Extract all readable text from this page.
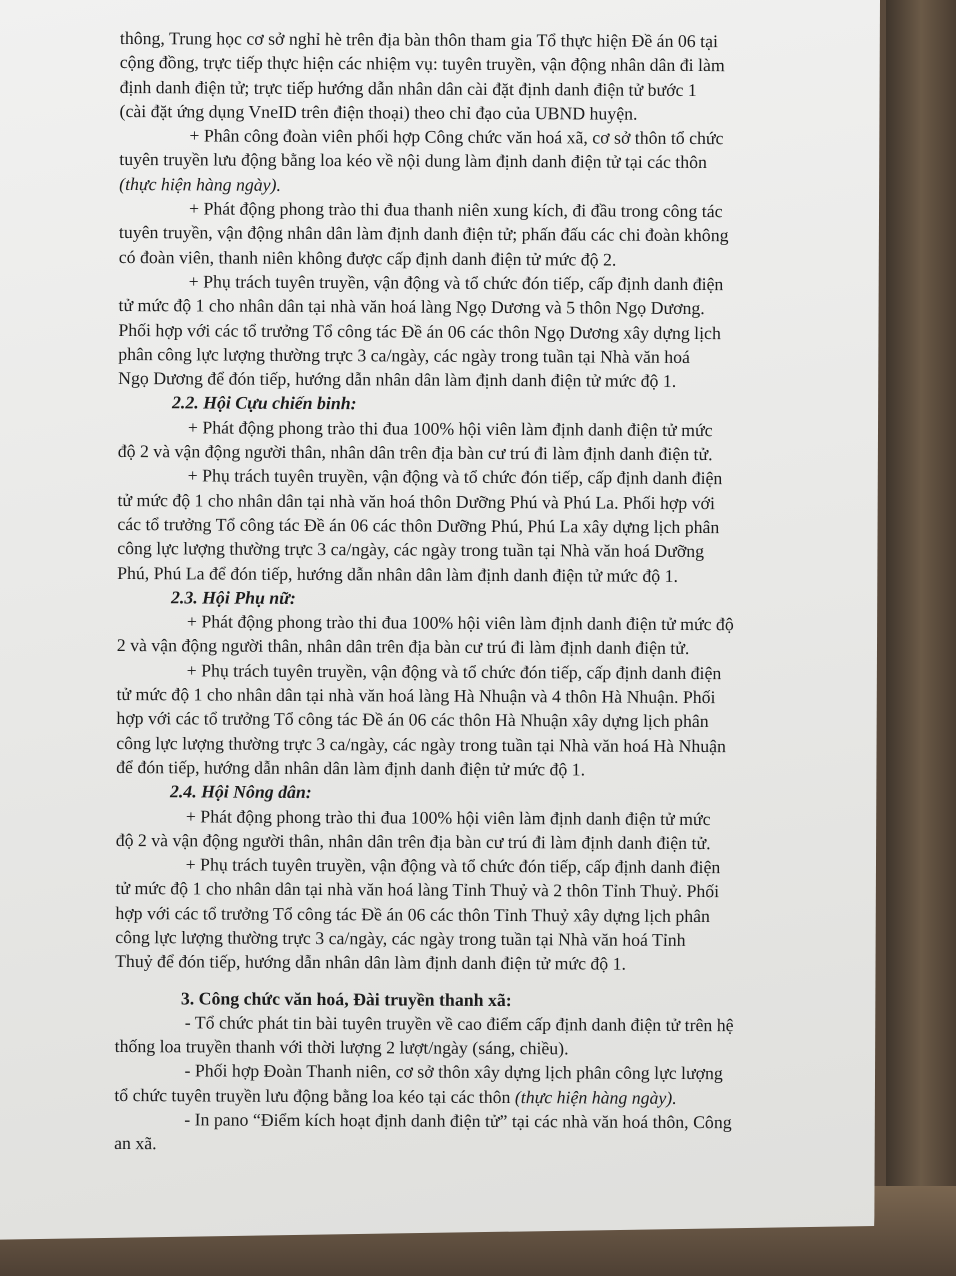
thông, Trung học cơ sở nghỉ hè trên địa bàn thôn tham gia Tổ thực hiện Đề án 06 tại
cộng đồng, trực tiếp thực hiện các nhiệm vụ: tuyên truyền, vận động nhân dân đi làm
định danh điện tử; trực tiếp hướng dẫn nhân dân cài đặt định danh điện tử bước 1
(cài đặt ứng dụng VneID trên điện thoại) theo chỉ đạo của UBND huyện.

+ Phân công đoàn viên phối hợp Công chức văn hoá xã, cơ sở thôn tổ chức
tuyên truyền lưu động bằng loa kéo về nội dung làm định danh điện tử tại các thôn
(thực hiện hàng ngày).

+ Phát động phong trào thi đua thanh niên xung kích, đi đầu trong công tác
tuyên truyền, vận động nhân dân làm định danh điện tử; phấn đấu các chi đoàn không
có đoàn viên, thanh niên không được cấp định danh điện tử mức độ 2.

+ Phụ trách tuyên truyền, vận động và tổ chức đón tiếp, cấp định danh điện
tử mức độ 1 cho nhân dân tại nhà văn hoá làng Ngọ Dương và 5 thôn Ngọ Dương.
Phối hợp với các tổ trưởng Tổ công tác Đề án 06 các thôn Ngọ Dương xây dựng lịch
phân công lực lượng thường trực 3 ca/ngày, các ngày trong tuần tại Nhà văn hoá
Ngọ Dương để đón tiếp, hướng dẫn nhân dân làm định danh điện tử mức độ 1.

2.2. Hội Cựu chiến binh:

+ Phát động phong trào thi đua 100% hội viên làm định danh điện tử mức
độ 2 và vận động người thân, nhân dân trên địa bàn cư trú đi làm định danh điện tử.

+ Phụ trách tuyên truyền, vận động và tổ chức đón tiếp, cấp định danh điện
tử mức độ 1 cho nhân dân tại nhà văn hoá thôn Dưỡng Phú và Phú La. Phối hợp với
các tổ trưởng Tổ công tác Đề án 06 các thôn Dưỡng Phú, Phú La xây dựng lịch phân
công lực lượng thường trực 3 ca/ngày, các ngày trong tuần tại Nhà văn hoá Dưỡng
Phú, Phú La để đón tiếp, hướng dẫn nhân dân làm định danh điện tử mức độ 1.

2.3. Hội Phụ nữ:

+ Phát động phong trào thi đua 100% hội viên làm định danh điện tử mức độ
2 và vận động người thân, nhân dân trên địa bàn cư trú đi làm định danh điện tử.

+ Phụ trách tuyên truyền, vận động và tổ chức đón tiếp, cấp định danh điện
tử mức độ 1 cho nhân dân tại nhà văn hoá làng Hà Nhuận và 4 thôn Hà Nhuận. Phối
hợp với các tổ trưởng Tổ công tác Đề án 06 các thôn Hà Nhuận xây dựng lịch phân
công lực lượng thường trực 3 ca/ngày, các ngày trong tuần tại Nhà văn hoá Hà Nhuận
để đón tiếp, hướng dẫn nhân dân làm định danh điện tử mức độ 1.

2.4. Hội Nông dân:

+ Phát động phong trào thi đua 100% hội viên làm định danh điện tử mức
độ 2 và vận động người thân, nhân dân trên địa bàn cư trú đi làm định danh điện tử.

+ Phụ trách tuyên truyền, vận động và tổ chức đón tiếp, cấp định danh điện
tử mức độ 1 cho nhân dân tại nhà văn hoá làng Tỉnh Thuỷ và 2 thôn Tỉnh Thuỷ. Phối
hợp với các tổ trưởng Tổ công tác Đề án 06 các thôn Tỉnh Thuỷ xây dựng lịch phân
công lực lượng thường trực 3 ca/ngày, các ngày trong tuần tại Nhà văn hoá Tỉnh
Thuỷ để đón tiếp, hướng dẫn nhân dân làm định danh điện tử mức độ 1.

3. Công chức văn hoá, Đài truyền thanh xã:

- Tổ chức phát tin bài tuyên truyền về cao điểm cấp định danh điện tử trên hệ
thống loa truyền thanh với thời lượng 2 lượt/ngày (sáng, chiều).

- Phối hợp Đoàn Thanh niên, cơ sở thôn xây dựng lịch phân công lực lượng
tổ chức tuyên truyền lưu động bằng loa kéo tại các thôn (thực hiện hàng ngày).

- In pano “Điểm kích hoạt định danh điện tử” tại các nhà văn hoá thôn, Công
an xã.
